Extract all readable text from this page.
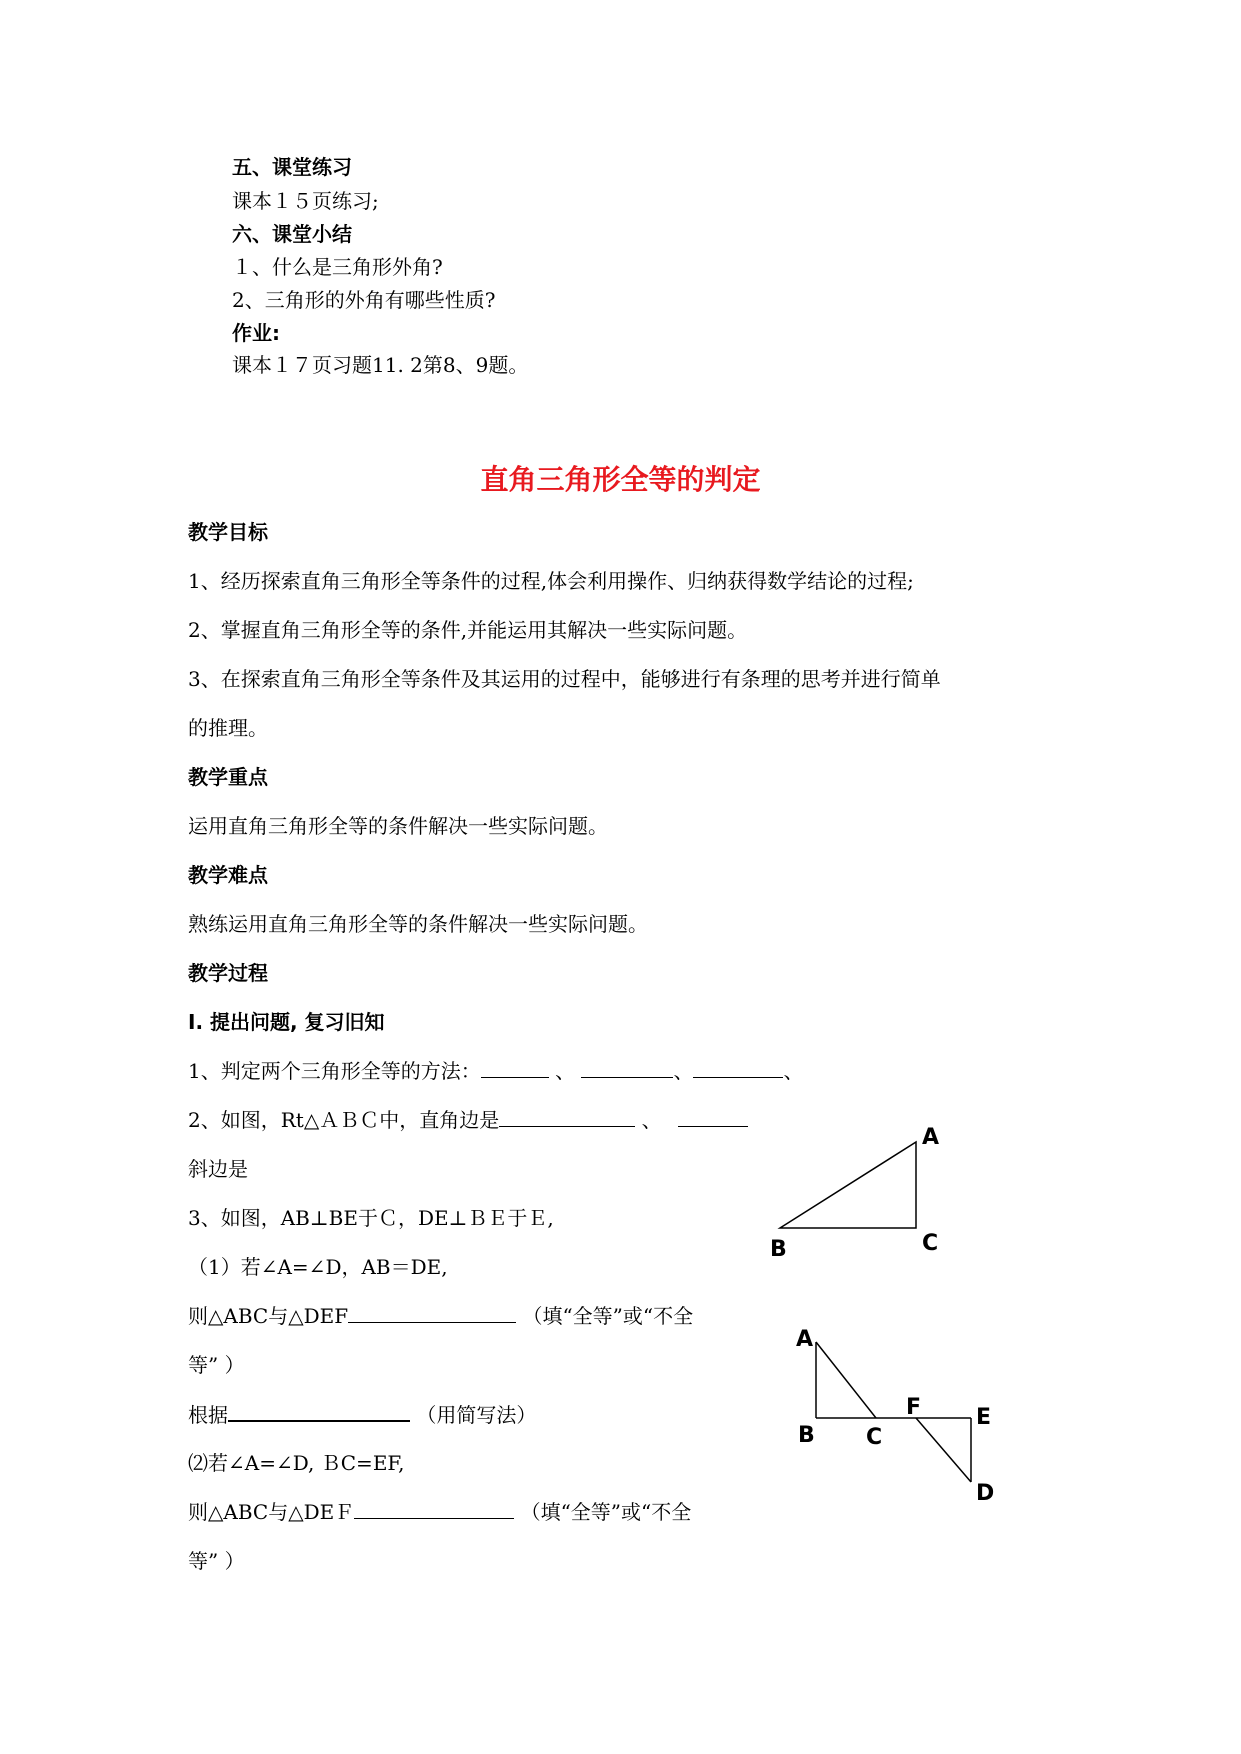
五、课堂练习
课本１５页练习;
六、课堂小结
１、什么是三角形外角?
2、三角形的外角有哪些性质?
作业:
课本１７页习题11. 2第8、9题。
直角三角形全等的判定
教学目标
1、经历探索直角三角形全等条件的过程,体会利用操作、归纳获得数学结论的过程;
2、掌握直角三角形全等的条件,并能运用其解决一些实际问题。
3、在探索直角三角形全等条件及其运用的过程中，能够进行有条理的思考并进行简单
的推理。
教学重点
运用直角三角形全等的条件解决一些实际问题。
教学难点
熟练运用直角三角形全等的条件解决一些实际问题。
教学过程
Ⅰ. 提出问题, 复习旧知
1、判定两个三角形全等的方法：	、	、	、
2、如图，Rt△ＡＢＣ中，直角边是	、
斜边是
3、如图，AB⊥BE于Ｃ，DE⊥ＢＥ于Ｅ,
（1）若∠A=∠D，AB＝DE,
则△ABC与△DEF	（填“全等”或“不全
等” ）
根据	（用简写法）
⑵若∠A=∠D, ＢC=EF,
则△ABC与△DEＦ	（填“全等”或“不全
等” ）
A
B	C
A
B C
F E
D
